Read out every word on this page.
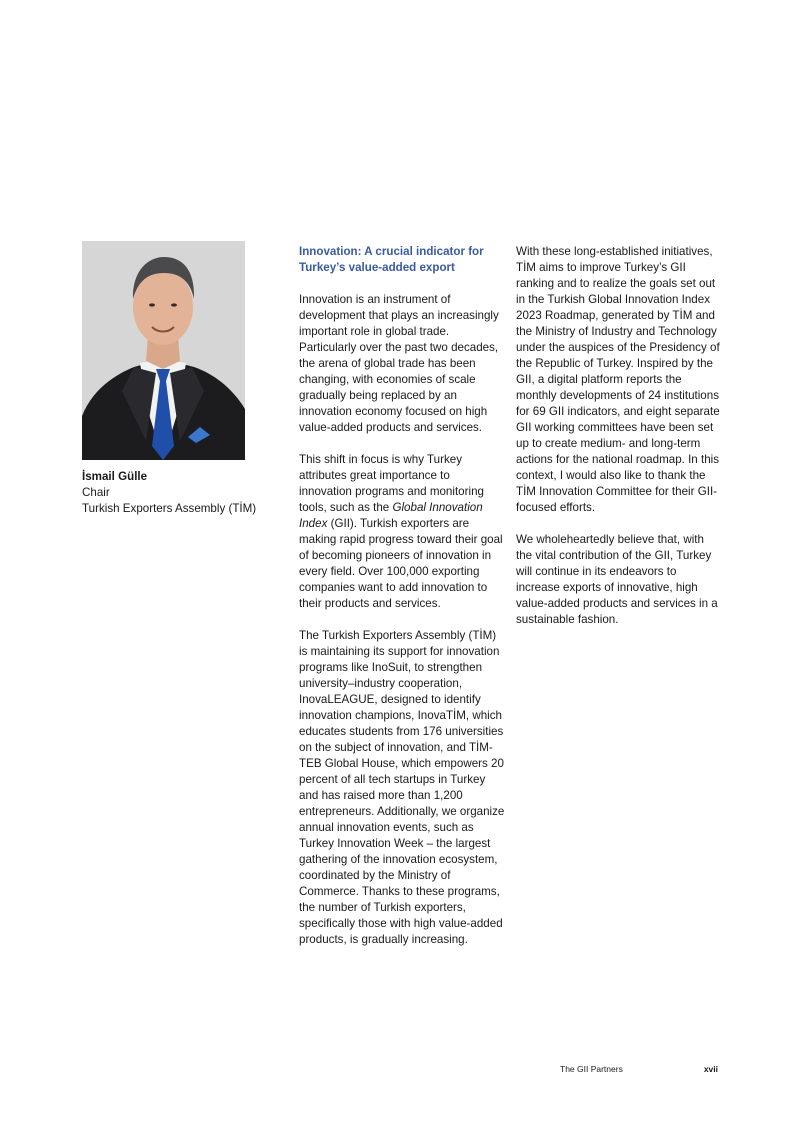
İsmail Gülle
Chair
Turkish Exporters Assembly (TİM)
Innovation: A crucial indicator for Turkey’s value-added export

Innovation is an instrument of development that plays an increasingly important role in global trade. Particularly over the past two decades, the arena of global trade has been changing, with economies of scale gradually being replaced by an innovation economy focused on high value-added products and services.

This shift in focus is why Turkey attributes great importance to innovation programs and monitoring tools, such as the Global Innovation Index (GII). Turkish exporters are making rapid progress toward their goal of becoming pioneers of innovation in every field. Over 100,000 exporting companies want to add innovation to their products and services.

The Turkish Exporters Assembly (TİM) is maintaining its support for innovation programs like InoSuit, to strengthen university–industry cooperation, InovaLEAGUE, designed to identify innovation champions, InovaTİM, which educates students from 176 universities on the subject of innovation, and TİM-TEB Global House, which empowers 20 percent of all tech startups in Turkey and has raised more than 1,200 entrepreneurs. Additionally, we organize annual innovation events, such as Turkey Innovation Week – the largest gathering of the innovation ecosystem, coordinated by the Ministry of Commerce. Thanks to these programs, the number of Turkish exporters, specifically those with high value-added products, is gradually increasing.

With these long-established initiatives, TİM aims to improve Turkey’s GII ranking and to realize the goals set out in the Turkish Global Innovation Index 2023 Roadmap, generated by TİM and the Ministry of Industry and Technology under the auspices of the Presidency of the Republic of Turkey. Inspired by the GII, a digital platform reports the monthly developments of 24 institutions for 69 GII indicators, and eight separate GII working committees have been set up to create medium- and long-term actions for the national roadmap. In this context, I would also like to thank the TİM Innovation Committee for their GII-focused efforts.

We wholeheartedly believe that, with the vital contribution of the GII, Turkey will continue in its endeavors to increase exports of innovative, high value-added products and services in a sustainable fashion.

The GII Partners	xvii
